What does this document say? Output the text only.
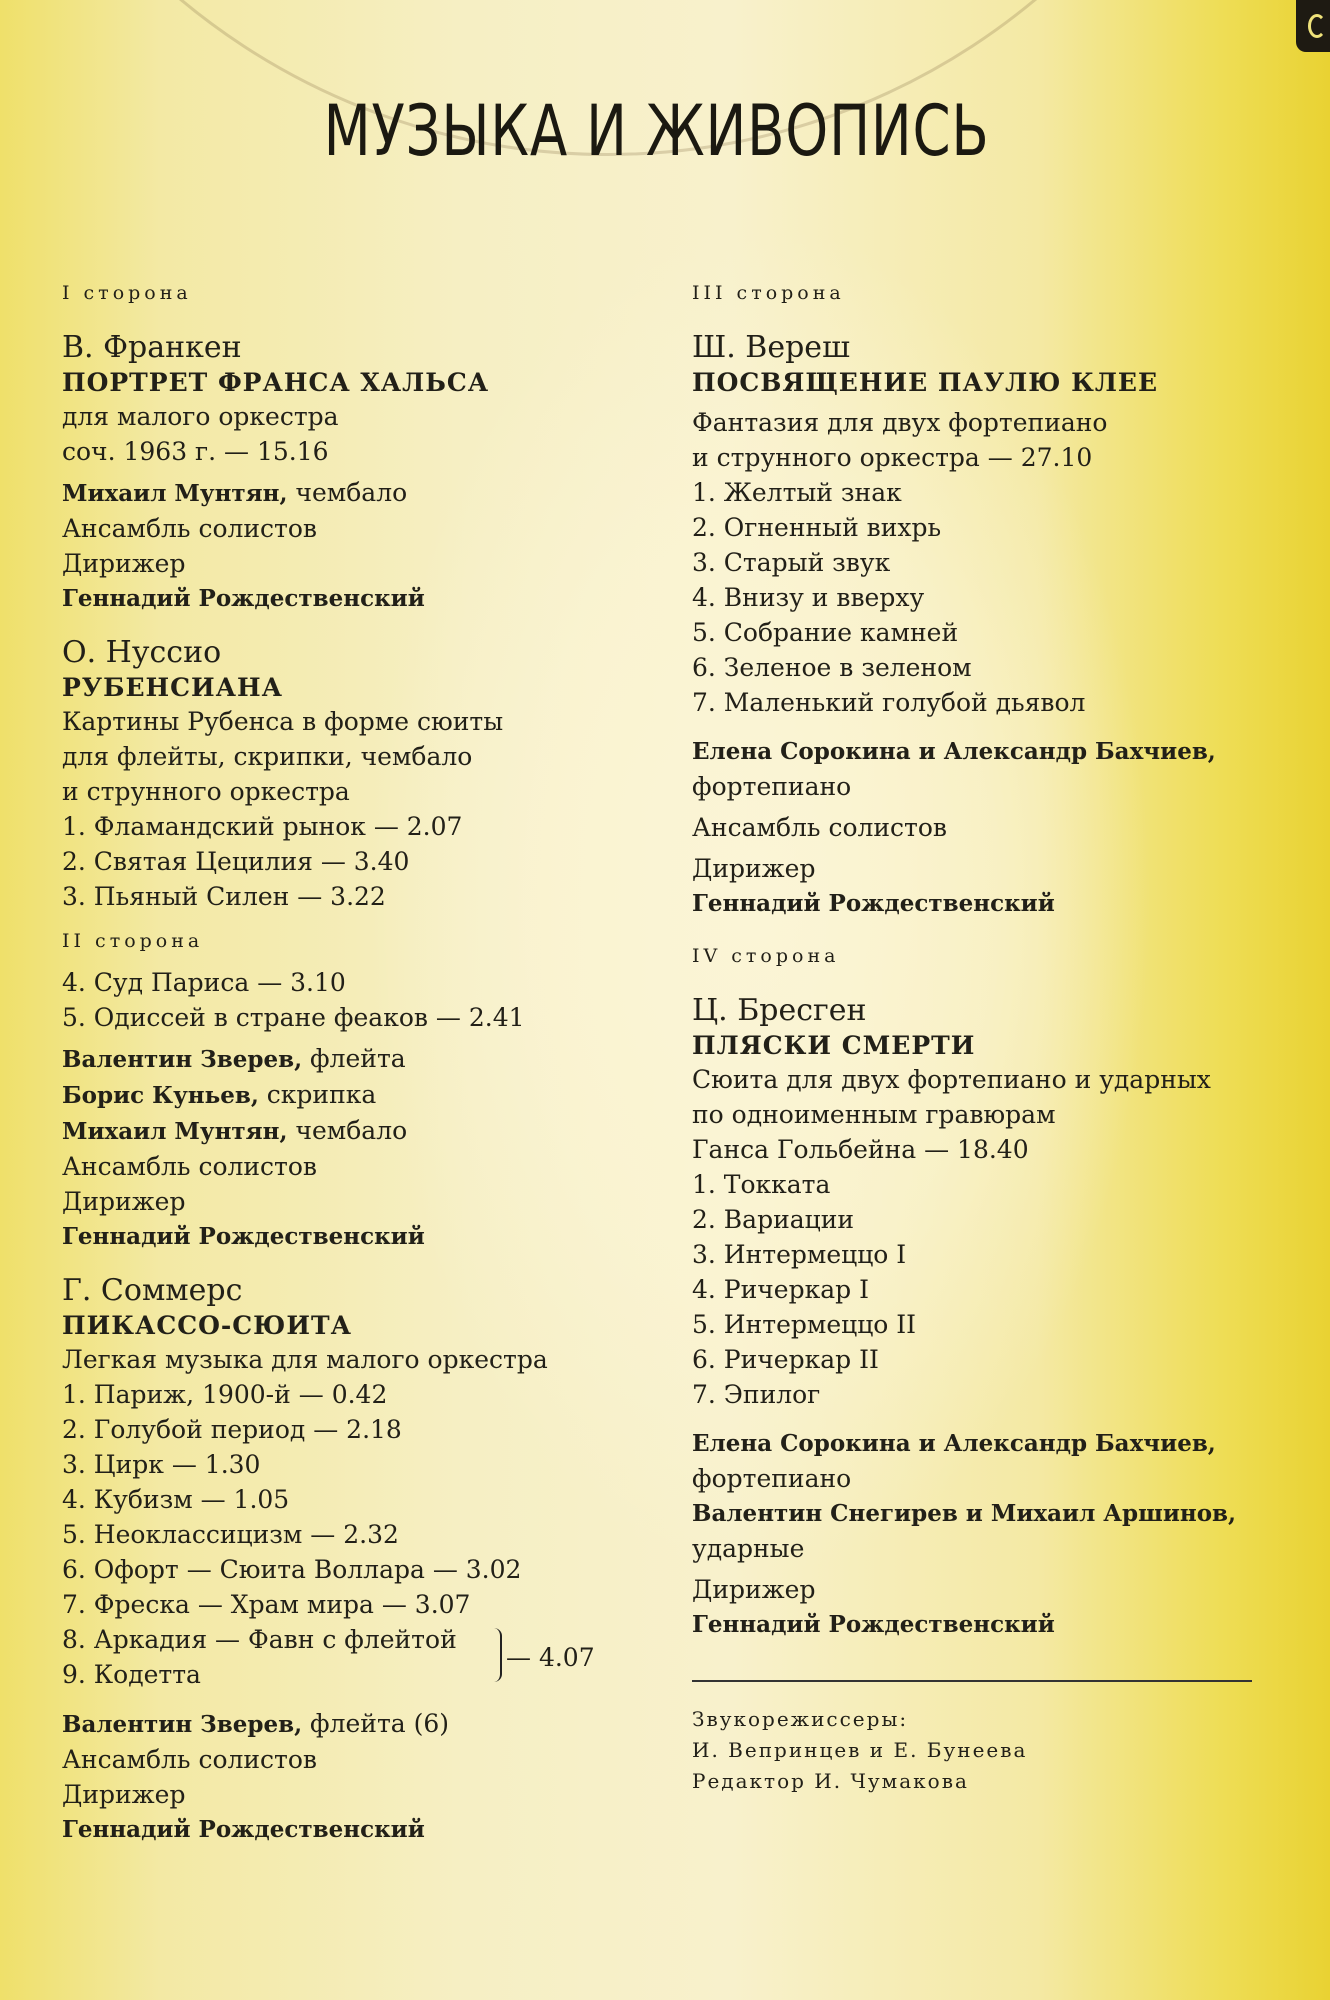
МУЗЫКА И ЖИВОПИСЬ
I сторона
В. Франкен
ПОРТРЕТ ФРАНСА ХАЛЬСА
для малого оркестра
соч. 1963 г. — 15.16
Михаил Мунтян, чембало
Ансамбль солистов
Дирижер
Геннадий Рождественский
О. Нуссио
РУБЕНСИАНА
Картины Рубенса в форме сюиты
для флейты, скрипки, чембало
и струнного оркестра
1. Фламандский рынок — 2.07
2. Святая Цецилия — 3.40
3. Пьяный Силен — 3.22
II сторона
4. Суд Париса — 3.10
5. Одиссей в стране феаков — 2.41
Валентин Зверев, флейта
Борис Куньев, скрипка
Михаил Мунтян, чембало
Ансамбль солистов
Дирижер
Геннадий Рождественский
Г. Соммерс
ПИКАССО-СЮИТА
Легкая музыка для малого оркестра
1. Париж, 1900-й — 0.42
2. Голубой период — 2.18
3. Цирк — 1.30
4. Кубизм — 1.05
5. Неоклассицизм — 2.32
6. Офорт — Сюита Воллара — 3.02
7. Фреска — Храм мира — 3.07
8. Аркадия — Фавн с флейтой
9. Кодетта
— 4.07
Валентин Зверев, флейта (6)
Ансамбль солистов
Дирижер
Геннадий Рождественский
III сторона
Ш. Вереш
ПОСВЯЩЕНИЕ ПАУЛЮ КЛЕЕ
Фантазия для двух фортепиано
и струнного оркестра — 27.10
1. Желтый знак
2. Огненный вихрь
3. Старый звук
4. Внизу и вверху
5. Собрание камней
6. Зеленое в зеленом
7. Маленький голубой дьявол
Елена Сорокина и Александр Бахчиев,
фортепиано
Ансамбль солистов
Дирижер
Геннадий Рождественский
IV сторона
Ц. Бресген
ПЛЯСКИ СМЕРТИ
Сюита для двух фортепиано и ударных
по одноименным гравюрам
Ганса Гольбейна — 18.40
1. Токката
2. Вариации
3. Интермеццо I
4. Ричеркар I
5. Интермеццо II
6. Ричеркар II
7. Эпилог
Елена Сорокина и Александр Бахчиев,
фортепиано
Валентин Снегирев и Михаил Аршинов,
ударные
Дирижер
Геннадий Рождественский
Звукорежиссеры:
И. Вепринцев и Е. Бунеева
Редактор И. Чумакова
